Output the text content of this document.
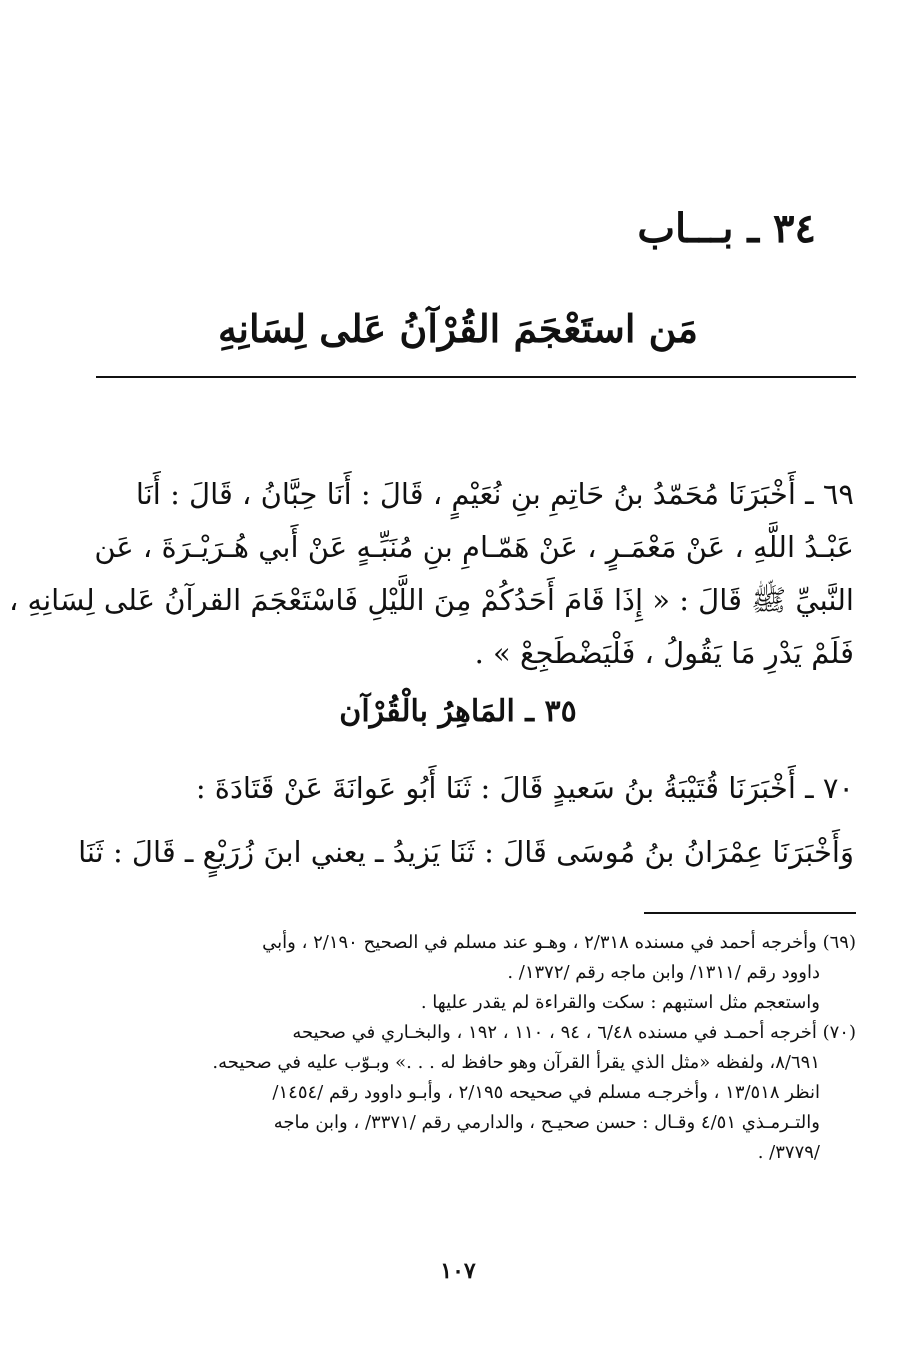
٣٤ ـ بـــاب
مَن استَعْجَمَ القُرْآنُ عَلى لِسَانِهِ
٦٩ ـ أَخْبَرَنَا مُحَمّدُ بنُ حَاتِمِ بنِ نُعَيْمٍ ، قَالَ : أَنَا حِبَّانُ ، قَالَ : أَنَا
عَبْـدُ اللَّهِ ، عَنْ مَعْمَـرٍ ، عَنْ هَمّـامِ بنِ مُنَبِّـهٍ عَنْ أَبي هُـرَيْـرَةَ ، عَن
النَّبيِّ ﷺ قَالَ : « إِذَا قَامَ أَحَدُكُمْ مِنَ اللَّيْلِ فَاسْتَعْجَمَ القرآنُ عَلى لِسَانِهِ ،
فَلَمْ يَدْرِ مَا يَقُولُ ، فَلْيَضْطَجِعْ » .
٣٥ ـ المَاهِرُ بالْقُرْآن
٧٠ ـ أَخْبَرَنَا قُتَيْبَةُ بنُ سَعيدٍ قَالَ : ثَنَا أَبُو عَوانَةَ عَنْ قَتَادَةَ :
وَأَخْبَرَنَا عِمْرَانُ بنُ مُوسَى قَالَ : ثَنَا يَزيدُ ـ يعني ابنَ زُرَيْعٍ ـ قَالَ : ثَنَا
(٦٩) وأخرجه أحمد في مسنده ٢/٣١٨ ، وهـو عند مسلم في الصحيح ٢/١٩٠ ، وأبي
داوود رقم /١٣١١/ وابن ماجه رقم /١٣٧٢/ .
واستعجم مثل استبهم : سكت والقراءة لم يقدر عليها .
(٧٠) أخرجه أحمـد في مسنده ٦/٤٨ ، ٩٤ ، ١١٠ ، ١٩٢ ، والبخـاري في صحيحه
٨/٦٩١، ولفظه «مثل الذي يقرأ القرآن وهو حافظ له . . .» وبـوّب عليه في صحيحه.
انظر ١٣/٥١٨ ، وأخرجـه مسلم في صحيحه ٢/١٩٥ ، وأبـو داوود رقم /١٤٥٤/
والتـرمـذي ٤/٥١ وقـال : حسن صحيـح ، والدارمي رقم /٣٣٧١/ ، وابن ماجه
/٣٧٧٩/ .
١٠٧
